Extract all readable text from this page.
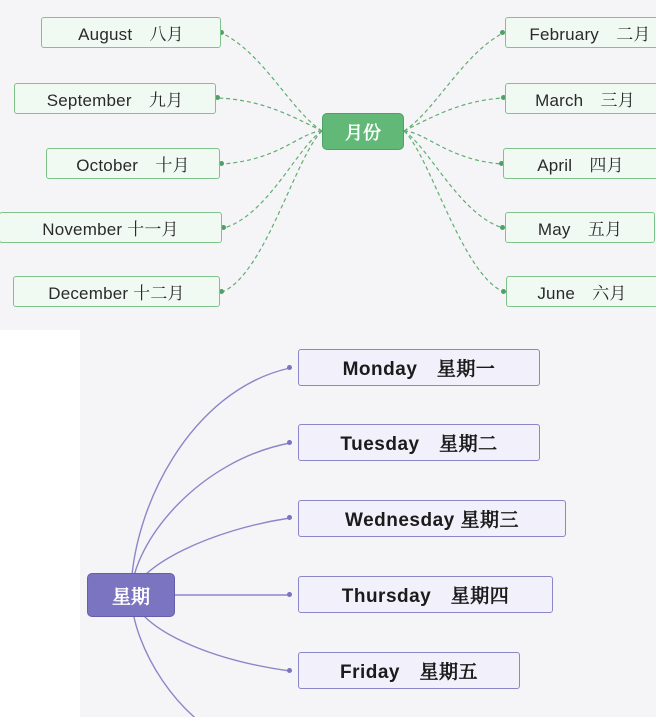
月份
August　八月
September　九月
October　十月
November 十一月
December 十二月
February　二月
March　三月
April　四月
May　五月
June　六月
星期
Monday　星期一
Tuesday　星期二
Wednesday 星期三
Thursday　星期四
Friday　星期五
